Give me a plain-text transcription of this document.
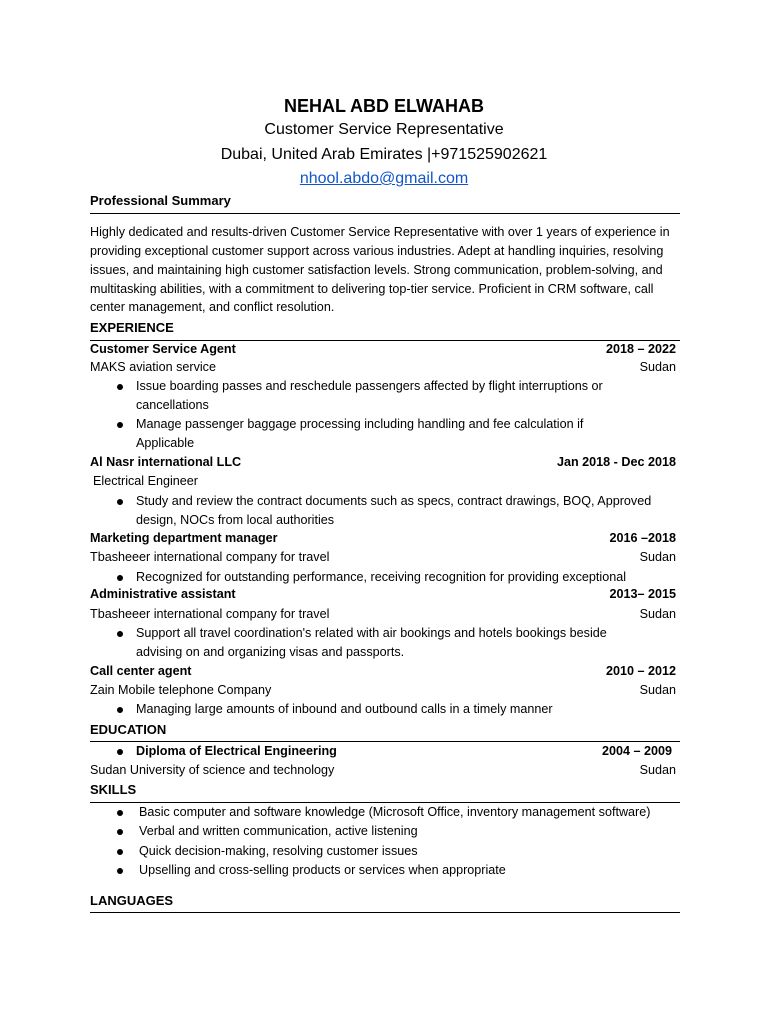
NEHAL ABD ELWAHAB
Customer Service Representative
Dubai, United Arab Emirates |+971525902621
nhool.abdo@gmail.com
Professional Summary
Highly dedicated and results-driven Customer Service Representative with over 1 years of experience in
providing exceptional customer support across various industries. Adept at handling inquiries, resolving
issues, and maintaining high customer satisfaction levels. Strong communication, problem-solving, and
multitasking abilities, with a commitment to delivering top-tier service. Proficient in CRM software, call
center management, and conflict resolution.
EXPERIENCE
Customer Service Agent	2018 – 2022
MAKS aviation service	Sudan
Issue boarding passes and reschedule passengers affected by flight interruptions or
cancellations
Manage passenger baggage processing including handling and fee calculation if
Applicable
Al Nasr international LLC	Jan 2018 - Dec 2018
Electrical Engineer
Study and review the contract documents such as specs, contract drawings, BOQ, Approved
design, NOCs from local authorities
Marketing department manager	2016 –2018
Tbasheeer international company for travel	Sudan
Recognized for outstanding performance, receiving recognition for providing exceptional
Administrative assistant	2013– 2015
Tbasheeer international company for travel	Sudan
Support all travel coordination's related with air bookings and hotels bookings beside
advising on and organizing visas and passports.
Call center agent	2010 – 2012
Zain Mobile telephone Company	Sudan
Managing large amounts of inbound and outbound calls in a timely manner
EDUCATION
Diploma of Electrical Engineering	2004 – 2009
Sudan University of science and technology	Sudan
SKILLS
Basic computer and software knowledge (Microsoft Office, inventory management software)
Verbal and written communication, active listening
Quick decision-making, resolving customer issues
Upselling and cross-selling products or services when appropriate
LANGUAGES
